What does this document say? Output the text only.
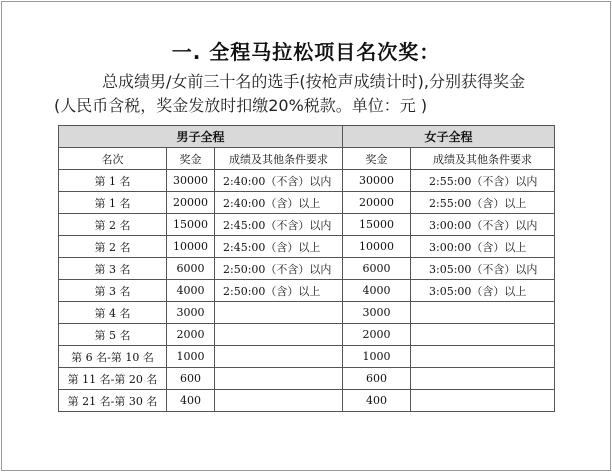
一. 全程马拉松项目名次奖：
总成绩男/女前三十名的选手(按枪声成绩计时),分别获得奖金
(人民币含税，奖金发放时扣缴20%税款。单位：元 )
男子全程			女子全程	
名次	奖金	成绩及其他条件要求	奖金	成绩及其他条件要求
第 1 名	30000	2:40:00（不含）以内	30000	2:55:00（不含）以内
第 1 名	20000	2:40:00（含）以上	20000	2:55:00（含）以上
第 2 名	15000	2:45:00（不含）以内	15000	3:00:00（不含）以内
第 2 名	10000	2:45:00（含）以上	10000	3:00:00（含）以上
第 3 名	6000	2:50:00（不含）以内	6000	3:05:00（不含）以内
第 3 名	4000	2:50:00（含）以上	4000	3:05:00（含）以上
第 4 名	3000		3000	
第 5 名	2000		2000	
第 6 名-第 10 名	1000		1000	
第 11 名-第 20 名	600		600	
第 21 名-第 30 名	400		400	
